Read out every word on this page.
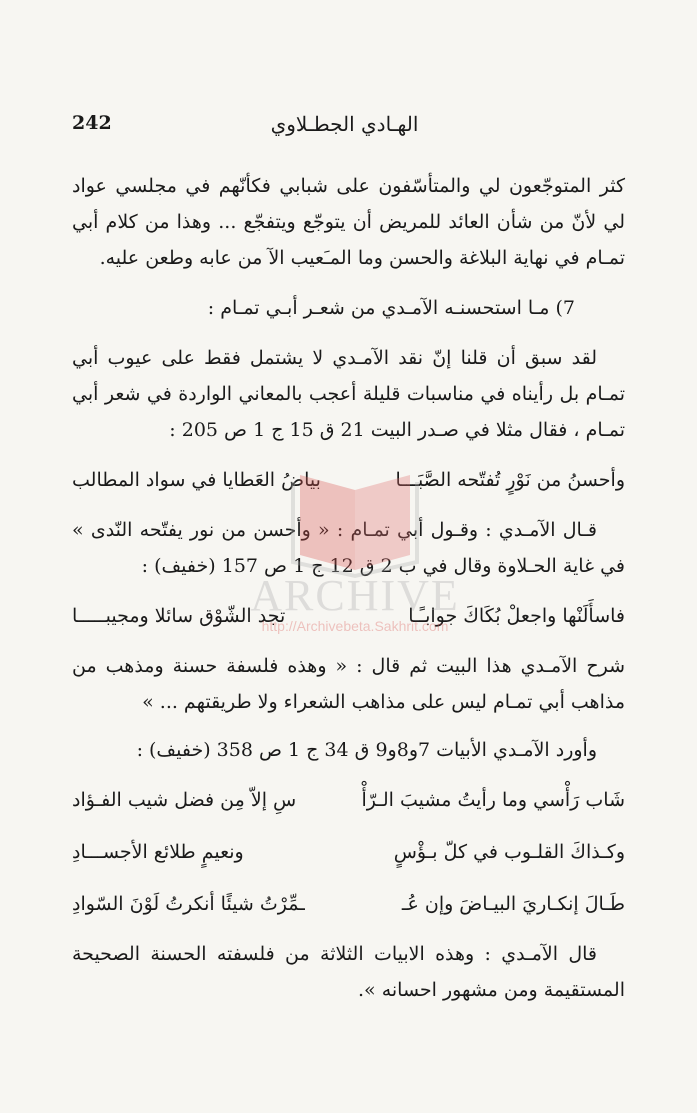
242	الهـادي الجطـلاوي

كثر المتوجّعون لي والمتأسّفون على شبابي فكأنّهم في مجلسي عواد لي لأنّ من شأن العائد للمريض أن يتوجّع ويتفجّع ... وهذا من كلام أبي تمـام في نهاية البلاغة والحسن وما المـَعيب الآ من عابه وطعن عليه.

7) مـا استحسنـه الآمـدي من شعـر أبـي تمـام :

لقد سبق أن قلنا إنّ نقد الآمـدي لا يشتمل فقط على عيوب أبي تمـام بل رأيناه في مناسبات قليلة أعجب بالمعاني الواردة في شعر أبي تمـام ، فقال مثلا في صـدر البيت 21 ق 15 ج 1 ص 205 :

وأحسنُ من نَوْرٍ تُفتّحه الصَّبَـــا
بياضُ العَطايا في سواد المطالب

قـال الآمـدي : وقـول أبي تمـام : « وأحسن من نور يفتّحه النّدى » في غاية الحـلاوة وقال في ب 2 ق 12 ج 1 ص 157 (خفيف) :

فاسأَلَنْها واجعلْ بُكَاكَ جوابـًـا
تجد الشّوْق سائلا ومجيبـــــا

شرح الآمـدي هذا البيت ثم قال : « وهذه فلسفة حسنة ومذهب من مذاهب أبي تمـام ليس على مذاهب الشعراء ولا طريقتهم ... »

وأورد الآمـدي الأبيات 7و8و9 ق 34 ج 1 ص 358 (خفيف) :

شَاب رَأْسي وما رأيتُ مشيبَ الـرّأْ
سِ إلاّ مِن فضل شيب الفـؤاد
وكـذاكَ القلـوب في كلّ بـؤْسٍ
ونعيمٍ طلائع الأجســـادِ
طَـالَ إنكـاريَ البيـاضَ وإن عُـ
ـمِّرْتُ شيئًا أنكرتُ لَوْنَ السّوادِ

قال الآمـدي : وهذه الابيات الثلاثة من فلسفته الحسنة الصحيحة المستقيمة ومن مشهور احسانه ».

ARCHIVE
http://Archivebeta.Sakhrit.com
